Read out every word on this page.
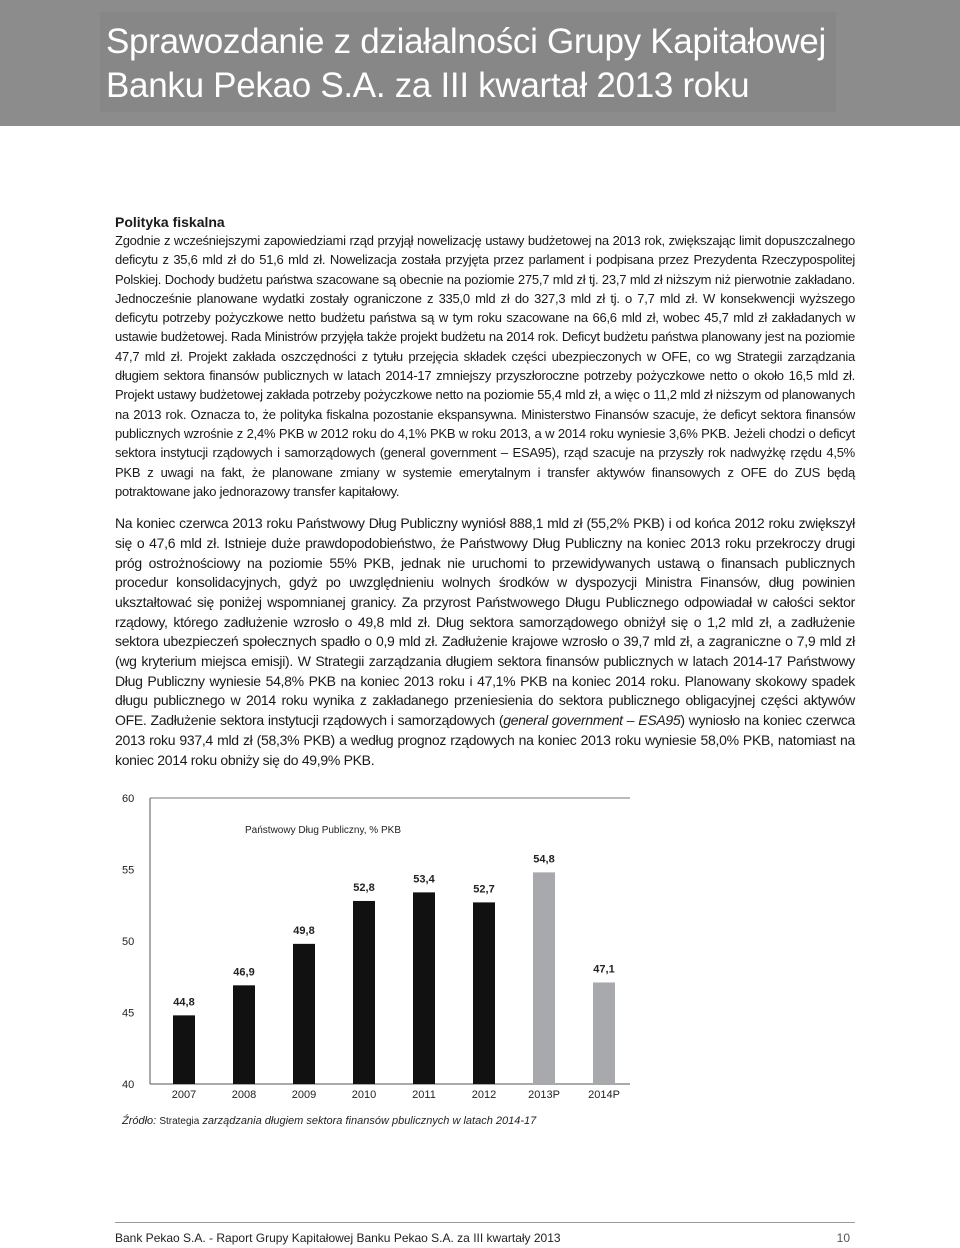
Sprawozdanie z działalności Grupy Kapitałowej
Banku Pekao S.A. za III kwartał 2013 roku
Polityka fiskalna

Zgodnie z wcześniejszymi zapowiedziami rząd przyjął nowelizację ustawy budżetowej na 2013 rok, zwiększając limit dopuszczalnego deficytu z 35,6 mld zł do 51,6 mld zł. Nowelizacja została przyjęta przez parlament i podpisana przez Prezydenta Rzeczypospolitej Polskiej. Dochody budżetu państwa szacowane są obecnie na poziomie 275,7 mld zł tj. 23,7 mld zł niższym niż pierwotnie zakładano. Jednocześnie planowane wydatki zostały ograniczone z 335,0 mld zł do 327,3 mld zł tj. o 7,7 mld zł. W konsekwencji wyższego deficytu potrzeby pożyczkowe netto budżetu państwa są w tym roku szacowane na 66,6 mld zł, wobec 45,7 mld zł zakładanych w ustawie budżetowej. Rada Ministrów przyjęła także projekt budżetu na 2014 rok. Deficyt budżetu państwa planowany jest na poziomie 47,7 mld zł. Projekt zakłada oszczędności z tytułu przejęcia składek części ubezpieczonych w OFE, co wg Strategii zarządzania długiem sektora finansów publicznych w latach 2014-17 zmniejszy przyszłoroczne potrzeby pożyczkowe netto o około 16,5 mld zł. Projekt ustawy budżetowej zakłada potrzeby pożyczkowe netto na poziomie 55,4 mld zł, a więc o 11,2 mld zł niższym od planowanych na 2013 rok. Oznacza to, że polityka fiskalna pozostanie ekspansywna. Ministerstwo Finansów szacuje, że deficyt sektora finansów publicznych wzrośnie z 2,4% PKB w 2012 roku do 4,1% PKB w roku 2013, a w 2014 roku wyniesie 3,6% PKB. Jeżeli chodzi o deficyt sektora instytucji rządowych i samorządowych (general government – ESA95), rząd szacuje na przyszły rok nadwyżkę rzędu 4,5% PKB z uwagi na fakt, że planowane zmiany w systemie emerytalnym i transfer aktywów finansowych z OFE do ZUS będą potraktowane jako jednorazowy transfer kapitałowy.

Na koniec czerwca 2013 roku Państwowy Dług Publiczny wyniósł 888,1 mld zł (55,2% PKB) i od końca 2012 roku zwiększył się o 47,6 mld zł. Istnieje duże prawdopodobieństwo, że Państwowy Dług Publiczny na koniec 2013 roku przekroczy drugi próg ostrożnościowy na poziomie 55% PKB, jednak nie uruchomi to przewidywanych ustawą o finansach publicznych procedur konsolidacyjnych, gdyż po uwzględnieniu wolnych środków w dyspozycji Ministra Finansów, dług powinien ukształtować się poniżej wspomnianej granicy. Za przyrost Państwowego Długu Publicznego odpowiadał w całości sektor rządowy, którego zadłużenie wzrosło o 49,8 mld zł. Dług sektora samorządowego obniżył się o 1,2 mld zł, a zadłużenie sektora ubezpieczeń społecznych spadło o 0,9 mld zł. Zadłużenie krajowe wzrosło o 39,7 mld zł, a zagraniczne o 7,9 mld zł (wg kryterium miejsca emisji). W Strategii zarządzania długiem sektora finansów publicznych w latach 2014-17 Państwowy Dług Publiczny wyniesie 54,8% PKB na koniec 2013 roku i 47,1% PKB na koniec 2014 roku. Planowany skokowy spadek długu publicznego w 2014 roku wynika z zakładanego przeniesienia do sektora publicznego obligacyjnej części aktywów OFE. Zadłużenie sektora instytucji rządowych i samorządowych (general government – ESA95) wyniosło na koniec czerwca 2013 roku 937,4 mld zł (58,3% PKB) a według prognoz rządowych na koniec 2013 roku wyniesie 58,0% PKB, natomiast na koniec 2014 roku obniży się do 49,9% PKB.

40
45
50
55
60
Państwowy Dług Publiczny, % PKB
44,8
2007
46,9
2008
49,8
2009
52,8
2010
53,4
2011
52,7
2012
54,8
2013P
47,1
2014P
Źródło: Strategia zarządzania długiem sektora finansów pbulicznych w latach 2014-17
Bank Pekao S.A. - Raport Grupy Kapitałowej Banku Pekao S.A. za III kwartały 2013	10
